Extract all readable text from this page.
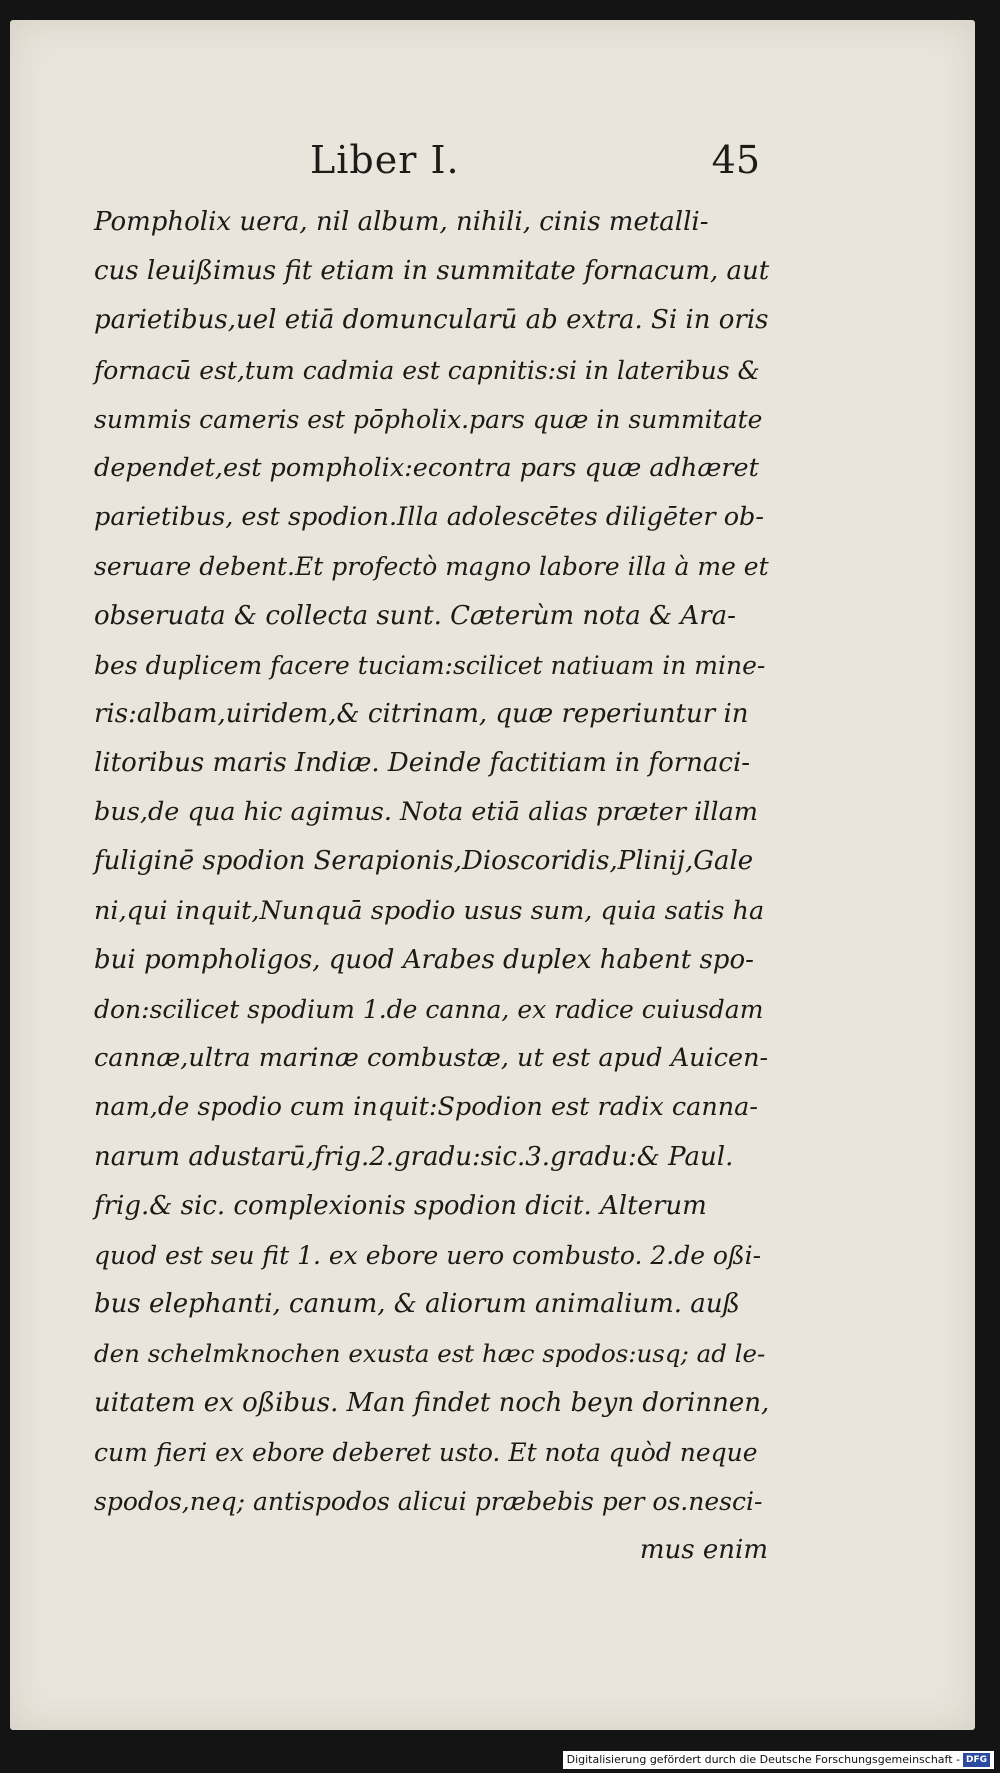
Liber I.	45
Pompholix uera, nil album, nihili, cinis metalli-
cus leuißimus fit etiam in summitate fornacum, aut
parietibus,uel etiā domuncularū ab extra. Si in oris
fornacū est,tum cadmia est capnitis:si in lateribus &
summis cameris est pōpholix.pars quæ in summitate
dependet,est pompholix:econtra pars quæ adhæret
parietibus, est spodion.Illa adolescētes diligēter ob-
seruare debent.Et profectò magno labore illa à me et
obseruata & collecta sunt. Cæterùm nota & Ara-
bes duplicem facere tuciam:scilicet natiuam in mine-
ris:albam,uiridem,& citrinam, quæ reperiuntur in
litoribus maris Indiæ. Deinde factitiam in fornaci-
bus,de qua hic agimus. Nota etiā alias præter illam
fuliginē spodion Serapionis,Dioscoridis,Plinij,Gale
ni,qui inquit,Nunquā spodio usus sum, quia satis ha
bui pompholigos, quod Arabes duplex habent spo-
don:scilicet spodium 1.de canna, ex radice cuiusdam
cannæ,ultra marinæ combustæ, ut est apud Auicen-
nam,de spodio cum inquit:Spodion est radix canna-
narum adustarū,frig.2.gradu:sic.3.gradu:& Paul.
frig.& sic. complexionis spodion dicit. Alterum
quod est seu fit 1. ex ebore uero combusto. 2.de oßi-
bus elephanti, canum, & aliorum animalium. auß
den schelmknochen exusta est hæc spodos:usq; ad le-
uitatem ex oßibus. Man findet noch beyn dorinnen,
cum fieri ex ebore deberet usto. Et nota quòd neque
spodos,neq; antispodos alicui præbebis per os.nesci-
mus enim
Digitalisierung gefördert durch die Deutsche Forschungsgemeinschaft - DFG
